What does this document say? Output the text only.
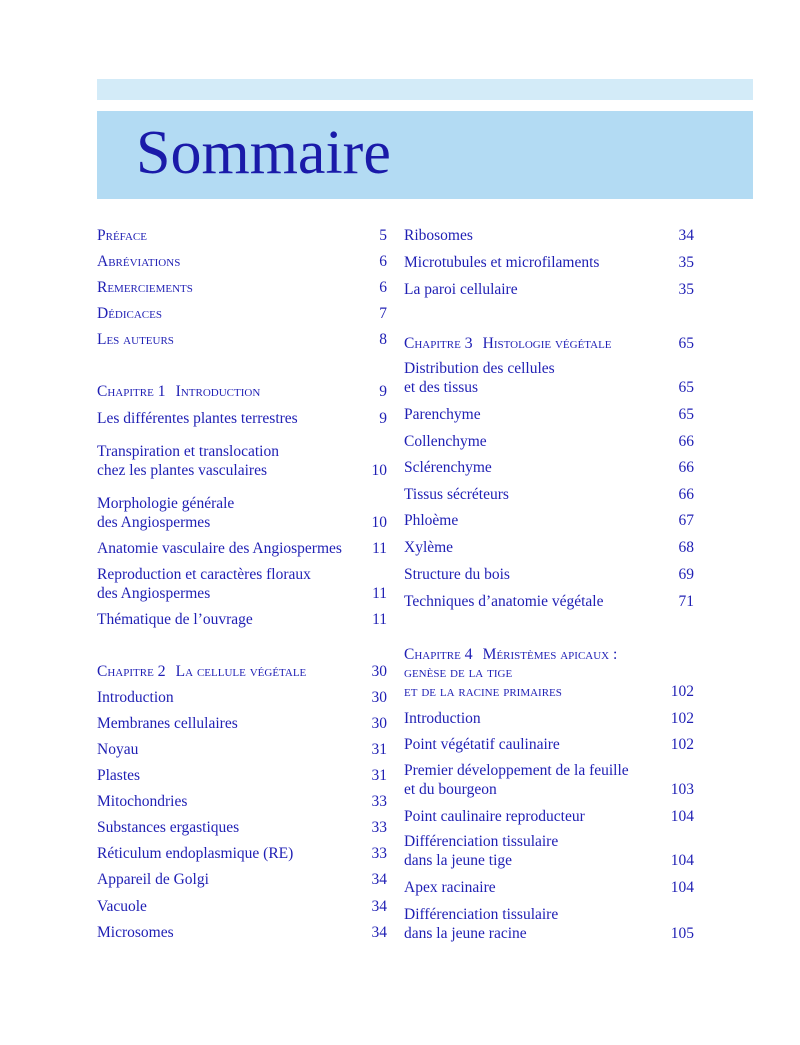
Sommaire
Préface	5
Abréviations	6
Remerciements	6
Dédicaces	7
Les auteurs	8
Chapitre 1 Introduction	9
Les différentes plantes terrestres	9
Transpiration et translocation
chez les plantes vasculaires	10
Morphologie générale
des Angiospermes	10
Anatomie vasculaire des Angiospermes	11
Reproduction et caractères floraux
des Angiospermes	11
Thématique de l’ouvrage	11
Chapitre 2 La cellule végétale	30
Introduction	30
Membranes cellulaires	30
Noyau	31
Plastes	31
Mitochondries	33
Substances ergastiques	33
Réticulum endoplasmique (RE)	33
Appareil de Golgi	34
Vacuole	34
Microsomes	34
Ribosomes	34
Microtubules et microfilaments	35
La paroi cellulaire	35
Chapitre 3 Histologie végétale	65
Distribution des cellules
et des tissus	65
Parenchyme	65
Collenchyme	66
Sclérenchyme	66
Tissus sécréteurs	66
Phloème	67
Xylème	68
Structure du bois	69
Techniques d’anatomie végétale	71
Chapitre 4 Méristèmes apicaux :
genèse de la tige
et de la racine primaires	102
Introduction	102
Point végétatif caulinaire	102
Premier développement de la feuille
et du bourgeon	103
Point caulinaire reproducteur	104
Différenciation tissulaire
dans la jeune tige	104
Apex racinaire	104
Différenciation tissulaire
dans la jeune racine	105
